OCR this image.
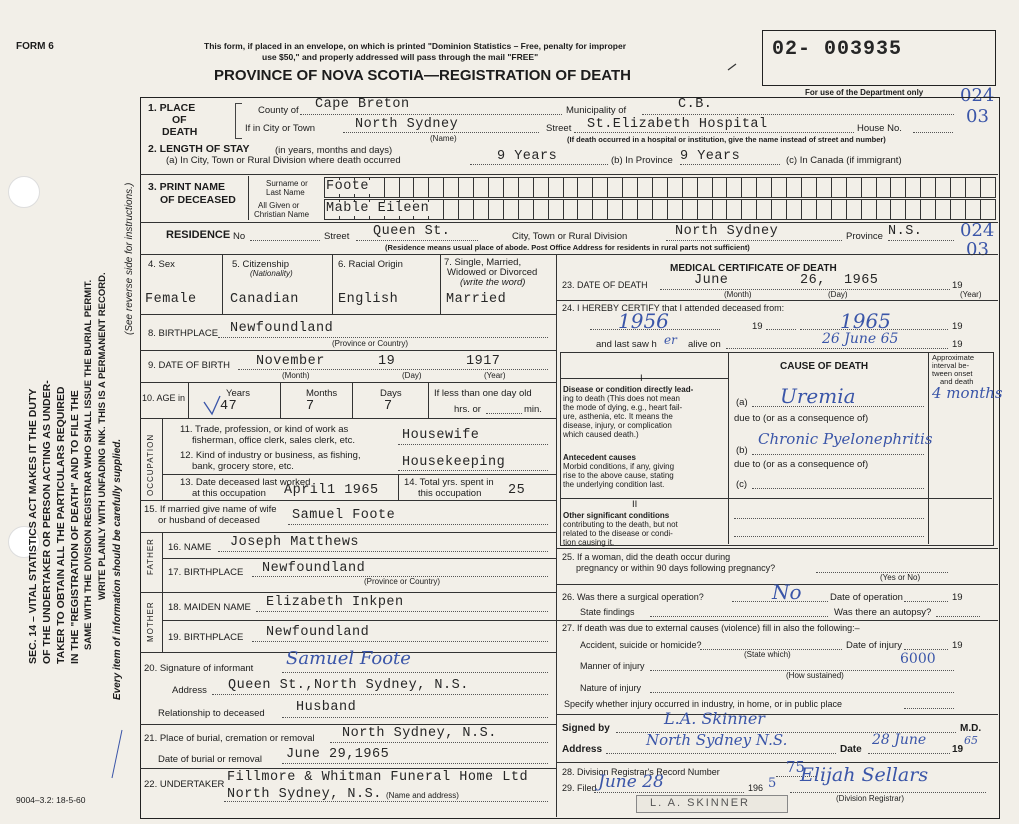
SEC. 14 – VITAL STATISTICS ACT MAKES IT THE DUTY OF THE UNDERTAKER OR PERSON ACTING AS UNDER- TAKER TO OBTAIN ALL THE PARTICULARS REQUIRED IN THE "REGISTRATION OF DEATH" AND TO FILE THE SAME WITH THE DIVISION REGISTRAR WHO SHALL ISSUE THE BURIAL PERMIT. WRITE PLAINLY WITH UNFADING INK. THIS IS A PERMANENT RECORD. Every item of information should be carefully supplied.
(See reverse side for instructions.)
FORM 6	This form, if placed in an envelope, on which is printed "Dominion Statistics – Free, penalty for improper
use $50," and properly addressed will pass through the mail "FREE"
PROVINCE OF NOVA SCOTIA—REGISTRATION OF DEATH
02- 003935
For use of the Department only 024
03
024
03
1. PLACE
OF
DEATH
County of Cape Breton	Municipality of	C.B.
If in City or Town	North Sydney
(Name)
Street St.Elizabeth Hospital	House No.
(If death occurred in a hospital or institution, give the name instead of street and number)
2. LENGTH OF STAY	(in years, months and days)
(a) In City, Town or Rural Division where death occurred	9 Years	(b) In Province 9 Years	(c) In Canada (if immigrant)
3. PRINT NAME
OF DECEASED
Surname or
Last Name
All Given or
Christian Name
Foote
Mable Eileen
RESIDENCE No	Street Queen St.	City, Town or Rural Division	North Sydney	Province N.S.
(Residence means usual place of abode. Post Office Address for residents in rural parts not sufficient)
4. Sex
Female
5. Citizenship
(Nationality)
Canadian
6. Racial Origin
English
7. Single, Married,
Widowed or Divorced
(write the word)
Married
8. BIRTHPLACE Newfoundland
(Province or Country)
9. DATE OF BIRTH November	19	1917
(Month)	(Day)	(Year)
10. AGE in	Years	Months	Days
47	7	7
If less than one day old
hrs. or	min.
OCCUPATION
11. Trade, profession, or kind of work as
fisherman, office clerk, sales clerk, etc.	Housewife
12. Kind of industry or business, as fishing,
bank, grocery store, etc.	Housekeeping
13. Date deceased last worked
at this occupation April1 1965
14. Total yrs. spent in
this occupation 25
15. If married give name of wife
or husband of deceased Samuel Foote
FATHER 16. NAME Joseph Matthews
17. BIRTHPLACE Newfoundland
(Province or Country)
MOTHER 18. MAIDEN NAME Elizabeth Inkpen
19. BIRTHPLACE Newfoundland
20. Signature of informant Samuel Foote
Address Queen St.,North Sydney, N.S.
Relationship to deceased Husband
21. Place of burial, cremation or removal North Sydney, N.S.
Date of burial or removal June 29,1965
22. UNDERTAKER Fillmore & Whitman Funeral Home Ltd
North Sydney, N.S. (Name and address)
9004–3.2: 18-5-60
MEDICAL CERTIFICATE OF DEATH
23. DATE OF DEATH	June	26, 1965	19
(Month)	(Day)	(Year)
24. I HEREBY CERTIFY that I attended deceased from:
1956	19	1965	19
and last saw h er alive on	26 June 65	19
CAUSE OF DEATH
Approximate
interval be-
tween onset
and death
I
Disease or condition directly lead-
ing to death (This does not mean
the mode of dying, e.g., heart fail-
ure, asthenia, etc. It means the
disease, injury, or complication
which caused death.)
(a) Uremia	4 months
due to (or as a consequence of)
(b)
Chronic Pyelonephritis
Antecedent causes
Morbid conditions, if any, giving
rise to the above cause, stating
the underlying condition last.
due to (or as a consequence of)
(c)
II
Other significant conditions
contributing to the death, but not
related to the disease or condi-
tion causing it.
25. If a woman, did the death occur during
pregnancy or within 90 days following pregnancy?
(Yes or No)
26. Was there a surgical operation?	No	Date of operation	19
State findings	Was there an autopsy?
27. If death was due to external causes (violence) fill in also the following:–
Accident, suicide or homicide?
(State which)
Date of injury	19
Manner of injury	6000
(How sustained)
Nature of injury
Specify whether injury occurred in industry, in home, or in public place
Signed by
L.A. Skinner
M.D.
Address
North Sydney N.S.
Date
28 June
19
65
28. Division Registrar's Record Number	75
29. Filed June 28	196 5 Elijah Sellars
(Division Registrar)
L. A. SKINNER
